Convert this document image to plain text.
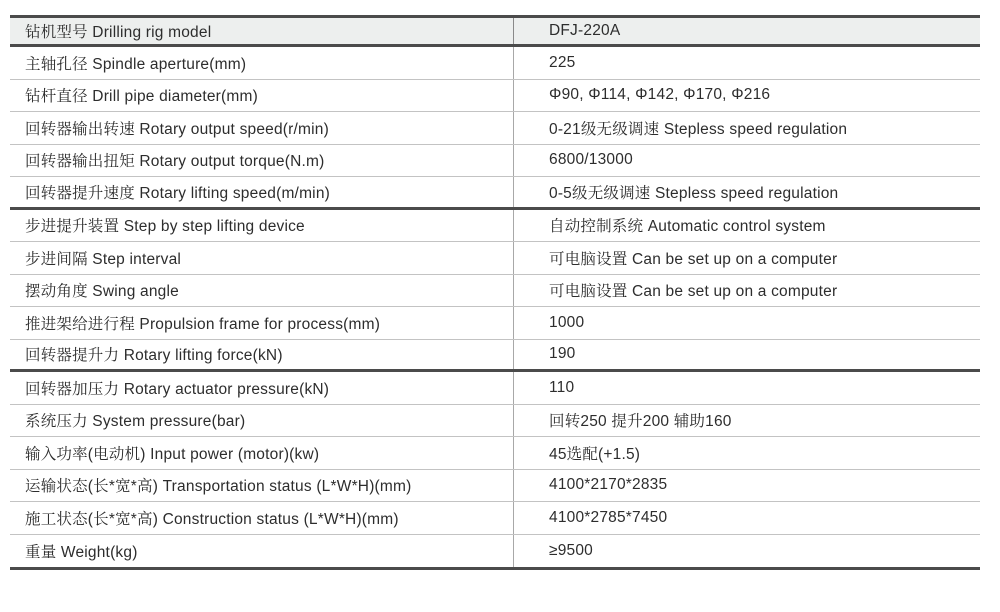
钻机型号 Drilling rig model	DFJ-220A
主轴孔径 Spindle aperture(mm)	225
钻杆直径 Drill pipe diameter(mm)	Φ90, Φ114, Φ142, Φ170, Φ216
回转器输出转速 Rotary output speed(r/min)	0-21级无级调速 Stepless speed regulation
回转器输出扭矩 Rotary output torque(N.m)	6800/13000
回转器提升速度 Rotary lifting speed(m/min)	0-5级无级调速 Stepless speed regulation
步进提升装置 Step by step lifting device	自动控制系统 Automatic control system
步进间隔 Step interval	可电脑设置 Can be set up on a computer
摆动角度 Swing angle	可电脑设置 Can be set up on a computer
推进架给进行程 Propulsion frame for process(mm)	1000
回转器提升力 Rotary lifting force(kN)	190
回转器加压力 Rotary actuator pressure(kN)	110
系统压力 System pressure(bar)	回转250 提升200 辅助160
输入功率(电动机) Input power (motor)(kw)	45选配(+1.5)
运输状态(长*宽*高) Transportation status (L*W*H)(mm)	4100*2170*2835
施工状态(长*宽*高) Construction status (L*W*H)(mm)	4100*2785*7450
重量 Weight(kg)	≥9500
